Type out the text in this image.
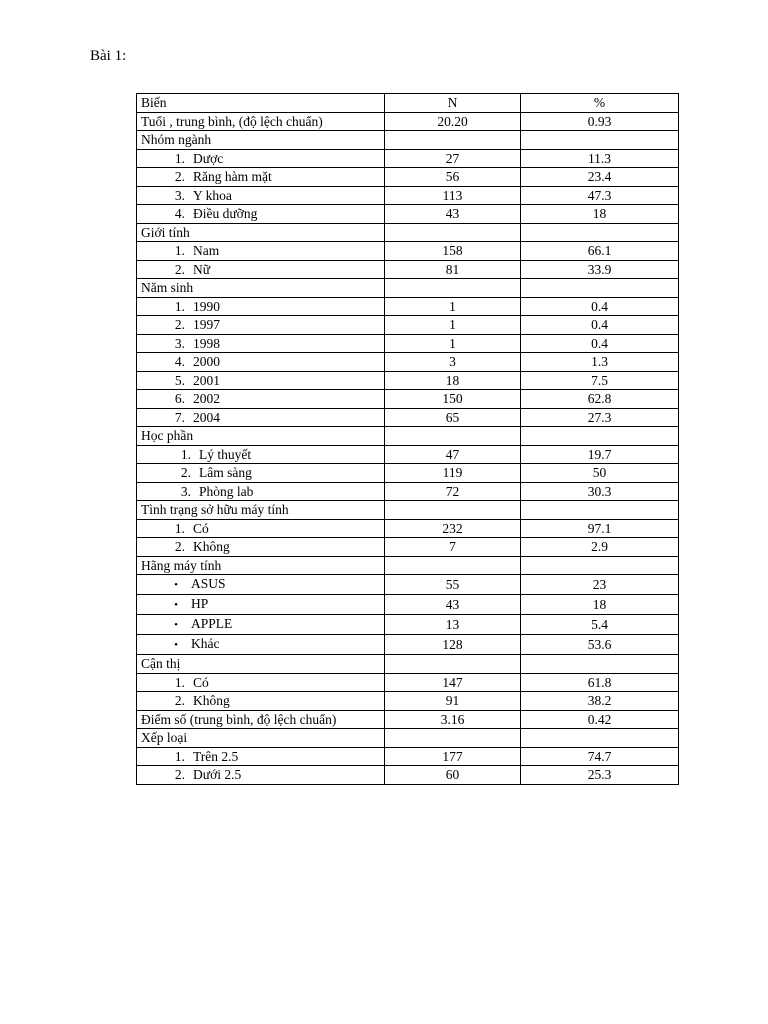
Bài 1:
Biến	N	%
Tuổi , trung bình, (độ lệch chuẩn)	20.20	0.93
Nhóm ngành		
1. Dược	27	11.3
2. Răng hàm mặt	56	23.4
3. Y khoa	113	47.3
4. Điều dưỡng	43	18
Giới tính		
1. Nam	158	66.1
2. Nữ	81	33.9
Năm sinh		
1. 1990	1	0.4
2. 1997	1	0.4
3. 1998	1	0.4
4. 2000	3	1.3
5. 2001	18	7.5
6. 2002	150	62.8
7. 2004	65	27.3
Học phần		
1. Lý thuyết	47	19.7
2. Lâm sàng	119	50
3. Phòng lab	72	30.3
Tình trạng sở hữu máy tính		
1. Có	232	97.1
2. Không	7	2.9
Hãng máy tính		
• ASUS	55	23
• HP	43	18
• APPLE	13	5.4
• Khác	128	53.6
Cận thị		
1. Có	147	61.8
2. Không	91	38.2
Điểm số (trung bình, độ lệch chuẩn)	3.16	0.42
Xếp loại		
1. Trên 2.5	177	74.7
2. Dưới 2.5	60	25.3
